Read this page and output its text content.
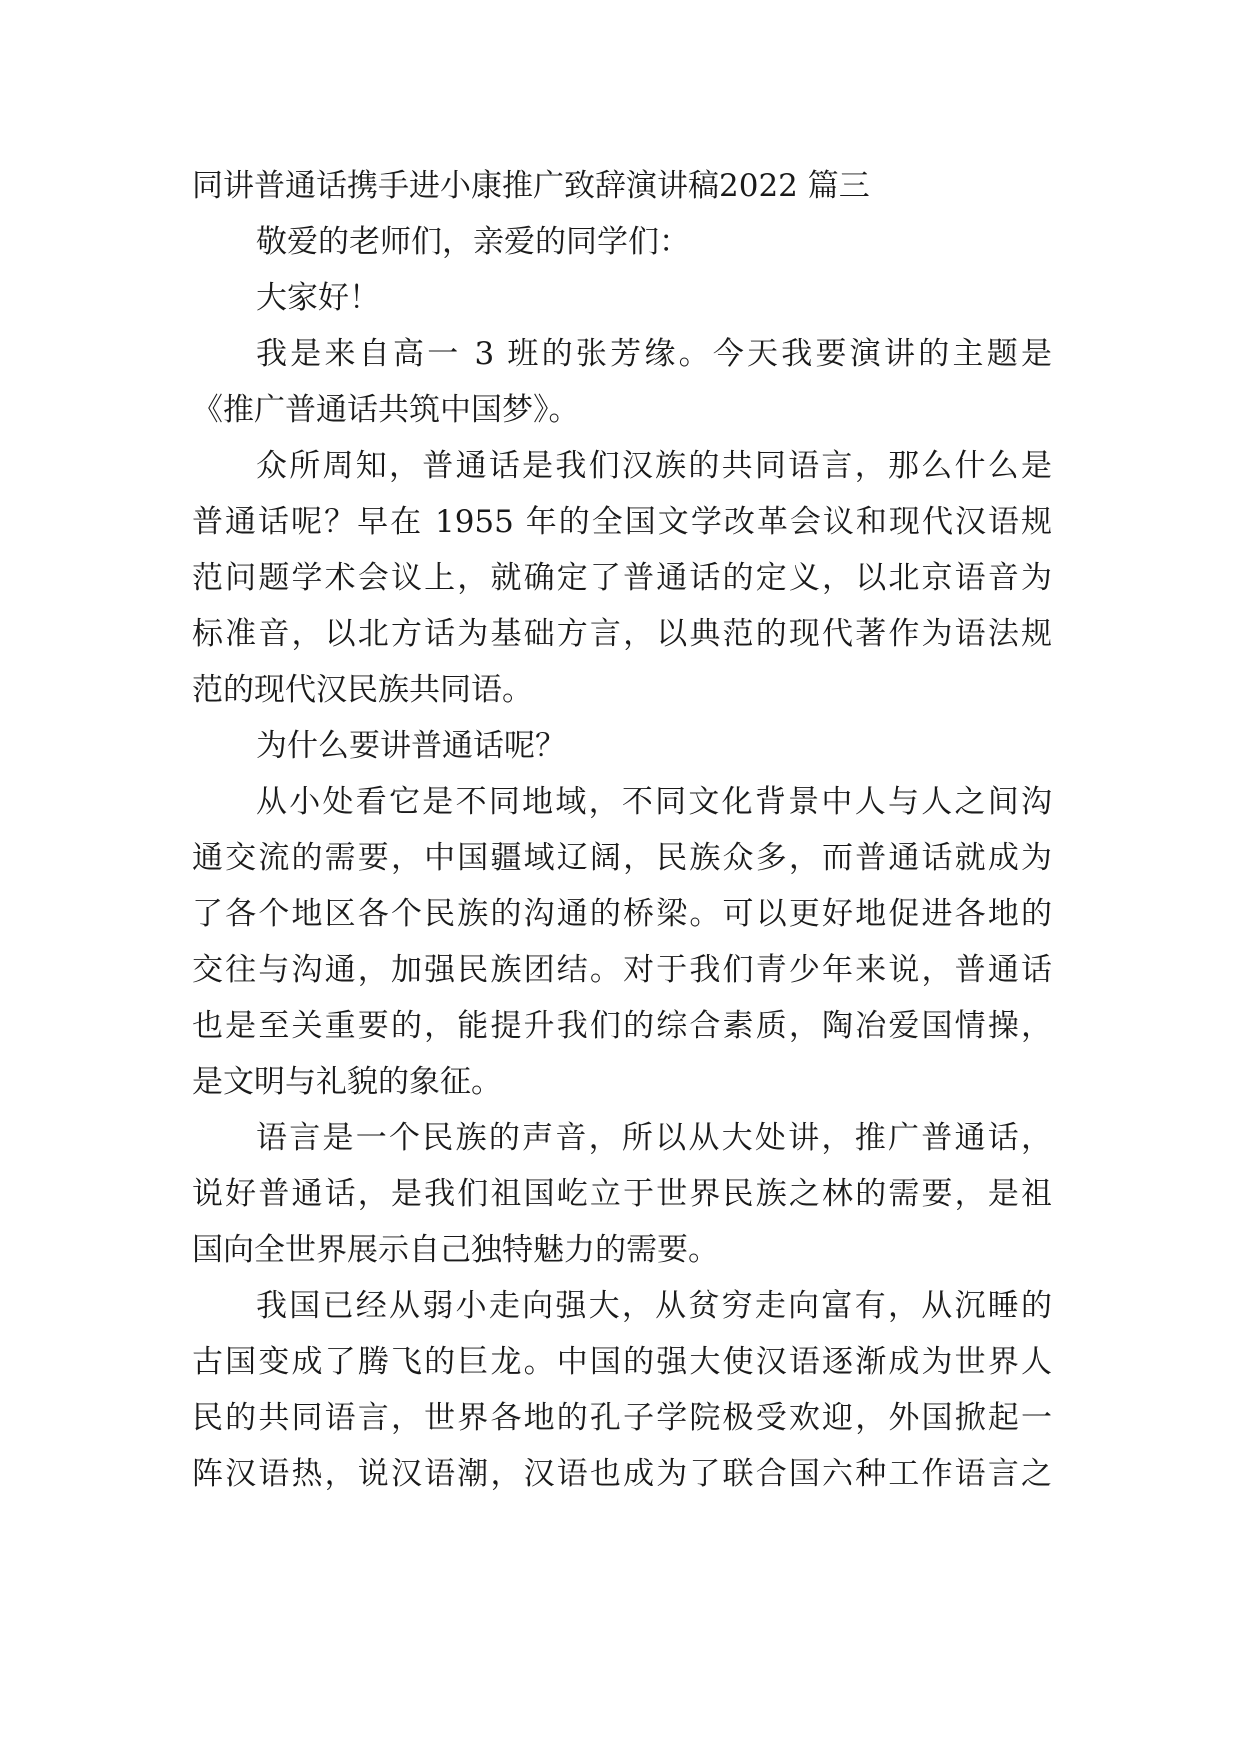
同讲普通话携手进小康推广致辞演讲稿2022 篇三
敬爱的老师们，亲爱的同学们：
大家好！
我是来自高一 3 班的张芳缘。今天我要演讲的主题是
《推广普通话共筑中国梦》。
众所周知，普通话是我们汉族的共同语言，那么什么是
普通话呢？早在 1955 年的全国文学改革会议和现代汉语规
范问题学术会议上，就确定了普通话的定义，以北京语音为
标准音，以北方话为基础方言，以典范的现代著作为语法规
范的现代汉民族共同语。
为什么要讲普通话呢？
从小处看它是不同地域，不同文化背景中人与人之间沟
通交流的需要，中国疆域辽阔，民族众多，而普通话就成为
了各个地区各个民族的沟通的桥梁。可以更好地促进各地的
交往与沟通，加强民族团结。对于我们青少年来说，普通话
也是至关重要的，能提升我们的综合素质，陶冶爱国情操，
是文明与礼貌的象征。
语言是一个民族的声音，所以从大处讲，推广普通话，
说好普通话，是我们祖国屹立于世界民族之林的需要，是祖
国向全世界展示自己独特魅力的需要。
我国已经从弱小走向强大，从贫穷走向富有，从沉睡的
古国变成了腾飞的巨龙。中国的强大使汉语逐渐成为世界人
民的共同语言，世界各地的孔子学院极受欢迎，外国掀起一
阵汉语热，说汉语潮，汉语也成为了联合国六种工作语言之
